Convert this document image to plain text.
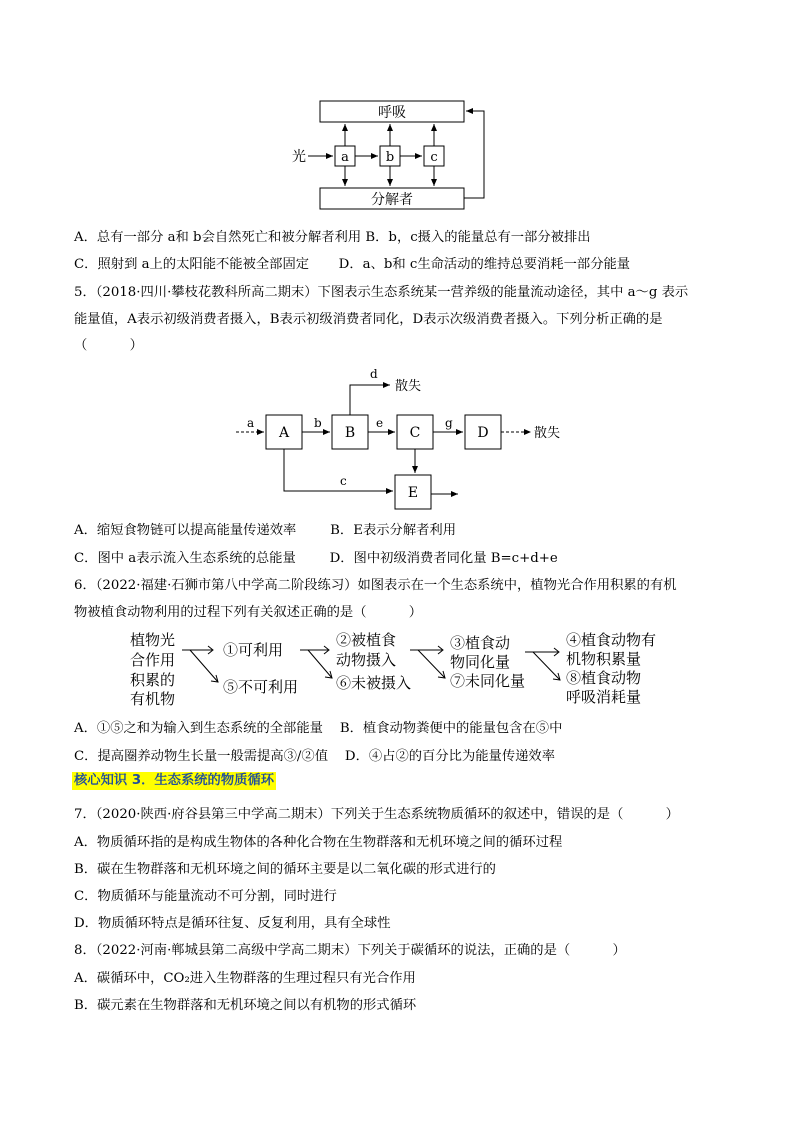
呼吸
分解者
光	a	b	c
A．总有一部分 a和 b会自然死亡和被分解者利用 B．b，c摄入的能量总有一部分被排出
C．照射到 a上的太阳能不能被全部固定       D．a、b和 c生命活动的维持总要消耗一部分能量
5．（2018·四川·攀枝花教科所高二期末）下图表示生态系统某一营养级的能量流动途径，其中 a～g 表示
能量值，A表示初级消费者摄入，B表示初级消费者同化，D表示次级消费者摄入。下列分析正确的是
（          ）
a
A
b
B
e
C
g
D	散失
d
散失
c
E
A．缩短食物链可以提高能量传递效率        B．E表示分解者利用
C．图中 a表示流入生态系统的总能量        D．图中初级消费者同化量 B=c+d+e
6．（2022·福建·石狮市第八中学高二阶段练习）如图表示在一个生态系统中，植物光合作用积累的有机
物被植食动物利用的过程下列有关叙述正确的是（          ）
植物光
合作用
积累的
有机物
①可利用
⑤不可利用
②被植食
动物摄入
⑥未被摄入
③植食动
物同化量
⑦未同化量
④植食动物有
机物积累量
⑧植食动物
呼吸消耗量
A．①⑤之和为输入到生态系统的全部能量    B．植食动物粪便中的能量包含在⑤中
C．提高圈养动物生长量一般需提高③/②值    D．④占②的百分比为能量传递效率
核心知识 3．生态系统的物质循环
7．（2020·陕西·府谷县第三中学高二期末）下列关于生态系统物质循环的叙述中，错误的是（          ）
A．物质循环指的是构成生物体的各种化合物在生物群落和无机环境之间的循环过程
B．碳在生物群落和无机环境之间的循环主要是以二氧化碳的形式进行的
C．物质循环与能量流动不可分割，同时进行
D．物质循环特点是循环往复、反复利用，具有全球性
8．（2022·河南·郸城县第二高级中学高二期末）下列关于碳循环的说法，正确的是（          ）
A．碳循环中，CO₂进入生物群落的生理过程只有光合作用
B．碳元素在生物群落和无机环境之间以有机物的形式循环
